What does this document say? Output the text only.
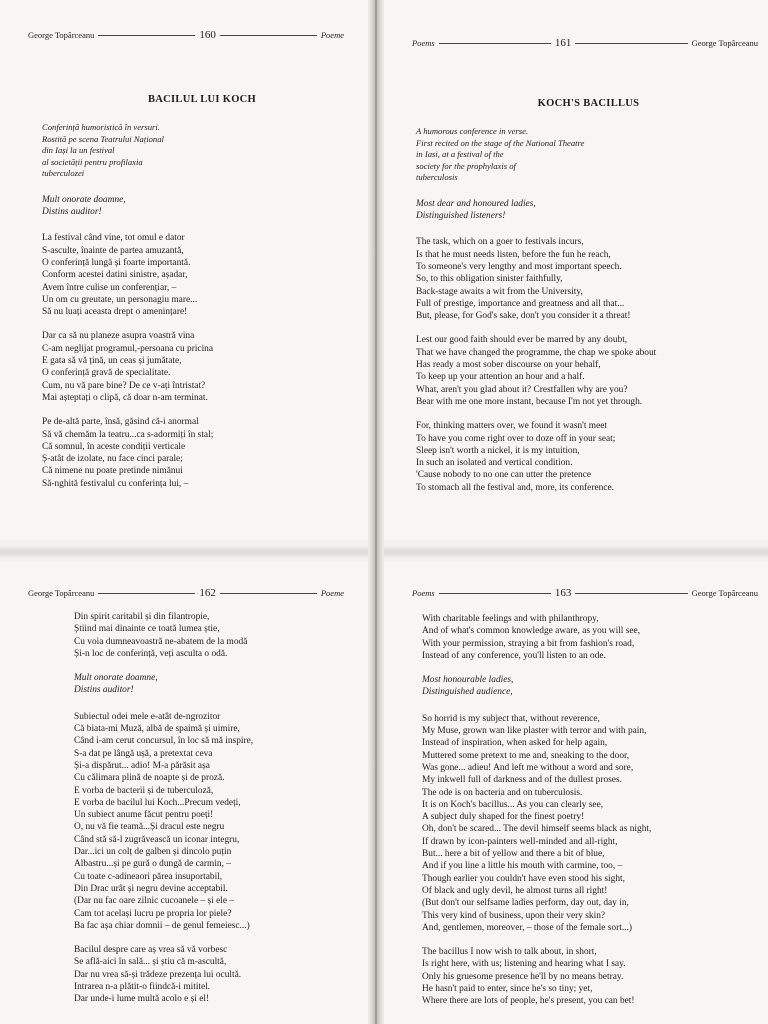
George Topârceanu	160	Poeme
BACILUL LUI KOCH
Conferință humoristică în versuri.
Rostită pe scena Teatrului Național
din Iași la un festival
al societății pentru profilaxia
tuberculozei
Mult onorate doamne,
Distins auditor!
La festival când vine, tot omul e dator
S-asculte, înainte de partea amuzantă,
O conferință lungă și foarte importantă.
Conform acestei datini sinistre, așadar,
Avem între culise un conferențiar, –
Un om cu greutate, un personagiu mare...
Să nu luați aceasta drept o amenințare!
Dar ca să nu planeze asupra voastră vina
C-am neglijat programul,-persoana cu pricina
E gata să vă țină, un ceas și jumătate,
O conferință gravă de specialitate.
Cum, nu vă pare bine? De ce v-ați întristat?
Mai așteptați o clipă, că doar n-am terminat.
Pe de-altă parte, însă, găsind că-i anormal
Să vă chemăm la teatru...ca s-adormiți în stal;
Că somnul, în aceste condiții verticale
Ș-atât de izolate, nu face cinci parale;
Că nimene nu poate pretinde nimănui
Să-nghită festivalul cu conferința lui, –
Poems	161	George Topârceanu
KOCH'S BACILLUS
A humorous conference in verse.
First recited on the stage of the National Theatre
in Iasi, at a festival of the
society for the prophylaxis of
tuberculosis
Most dear and honoured ladies,
Distinguished listeners!
The task, which on a goer to festivals incurs,
Is that he must needs listen, before the fun he reach,
To someone's very lengthy and most important speech.
So, to this obligation sinister faithfully,
Back-stage awaits a wit from the University,
Full of prestige, importance and greatness and all that...
But, please, for God's sake, don't you consider it a threat!
Lest our good faith should ever be marred by any doubt,
That we have changed the programme, the chap we spoke about
Has ready a most sober discourse on your behalf,
To keep up your attention an hour and a half.
What, aren't you glad about it? Crestfallen why are you?
Bear with me one more instant, because I'm not yet through.
For, thinking matters over, we found it wasn't meet
To have you come right over to doze off in your seat;
Sleep isn't worth a nickel, it is my intuition,
In such an isolated and vertical condition.
'Cause nobody to no one can utter the pretence
To stomach all the festival and, more, its conference.
George Topârceanu	162	Poeme
Din spirit caritabil și din filantropie,
Știind mai dinainte ce toată lumea știe,
Cu voia dumneavoastră ne-abatem de la modă
Și-n loc de conferință, veți asculta o odă.
Mult onorate doamne,
Distins auditor!
Subiectul odei mele e-atât de-ngrozitor
Că biata-mi Muză, albă de spaimă și uimire,
Când i-am cerut concursul, în loc să mă inspire,
S-a dat pe lângă ușă, a pretextat ceva
Și-a dispărut... adio! M-a părăsit așa
Cu călimara plină de noapte și de proză.
E vorba de bacterii și de tuberculoză,
E vorba de bacilul lui Koch...Precum vedeți,
Un subiect anume făcut pentru poeți!
O, nu vă fie teamă...Și dracul este negru
Când stă să-l zugrăvească un iconar integru,
Dar...ici un colț de galben și dincolo puțin
Albastru...și pe gură o dungă de carmin, –
Cu toate c-adineaori părea insuportabil,
Din Drac urât și negru devine acceptabil.
(Dar nu fac oare zilnic cucoanele – și ele –
Cam tot același lucru pe propria lor piele?
Ba fac așa chiar domnii – de genul femeiesc...)
Bacilul despre care aș vrea să vă vorbesc
Se află-aici în sală... și știu că m-ascultă,
Dar nu vrea să-și trădeze prezența lui ocultă.
Intrarea n-a plătit-o fiindcă-i mititel.
Dar unde-i lume multă acolo e și el!
Poems	163	George Topârceanu
With charitable feelings and with philanthropy,
And of what's common knowledge aware, as you will see,
With your permission, straying a bit from fashion's road,
Instead of any conference, you'll listen to an ode.
Most honourable ladies,
Distinguished audience,
So horrid is my subject that, without reverence,
My Muse, grown wan like plaster with terror and with pain,
Instead of inspiration, when asked for help again,
Muttered some pretext to me and, sneaking to the door,
Was gone... adieu! And left me without a word and sore,
My inkwell full of darkness and of the dullest proses.
The ode is on bacteria and on tuberculosis.
It is on Koch's bacillus... As you can clearly see,
A subject duly shaped for the finest poetry!
Oh, don't be scared... The devil himself seems black as night,
If drawn by icon-painters well-minded and all-right,
But... here a bit of yellow and there a bit of blue,
And if you line a little his mouth with carmine, too, –
Though earlier you couldn't have even stood his sight,
Of black and ugly devil, he almost turns all right!
(But don't our selfsame ladies perform, day out, day in,
This very kind of business, upon their very skin?
And, gentlemen, moreover, – those of the female sort...)
The bacillus I now wish to talk about, in short,
Is right here, with us; listening and hearing what I say.
Only his gruesome presence he'll by no means betray.
He hasn't paid to enter, since he's so tiny; yet,
Where there are lots of people, he's present, you can bet!
